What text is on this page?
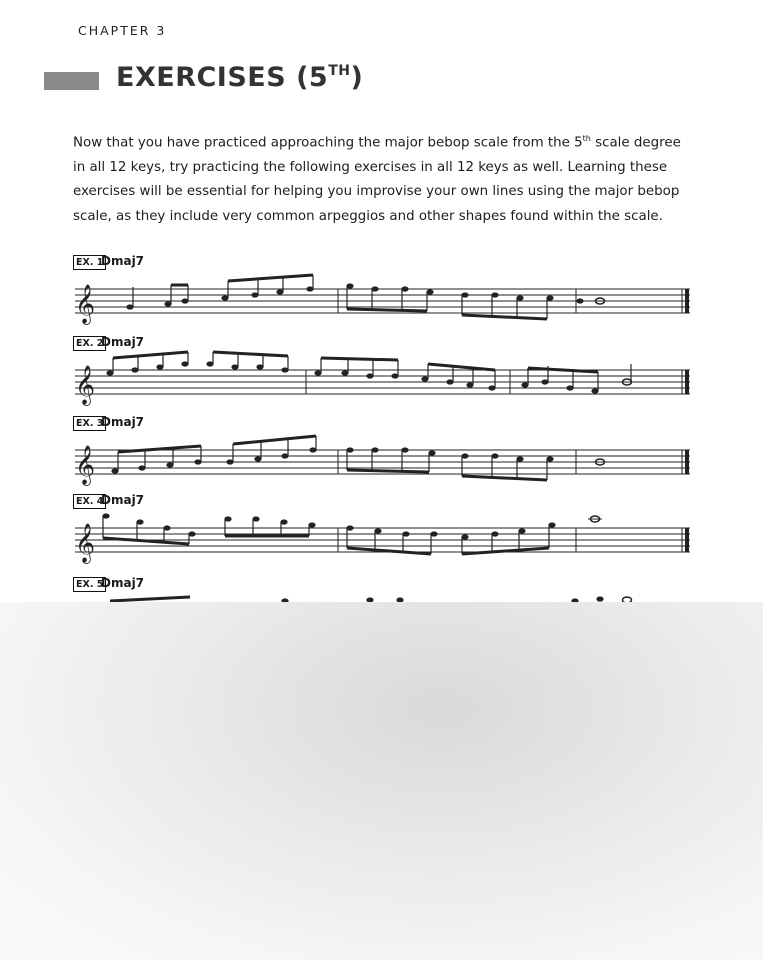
CHAPTER 3
EXERCISES (5TH)

Now that you have practiced approaching the major bebop scale from the 5th scale degree in all 12 keys, try practicing the following exercises in all 12 keys as well. Learning these exercises will be essential for helping you improvise your own lines using the major bebop scale, as they include very common arpeggios and other shapes found within the scale.

EX. 1
Dmaj7
𝄞
EX. 2
Dmaj7
𝄞
EX. 3
Dmaj7
𝄞
EX. 4
Dmaj7
𝄞
EX. 5
Dmaj7
